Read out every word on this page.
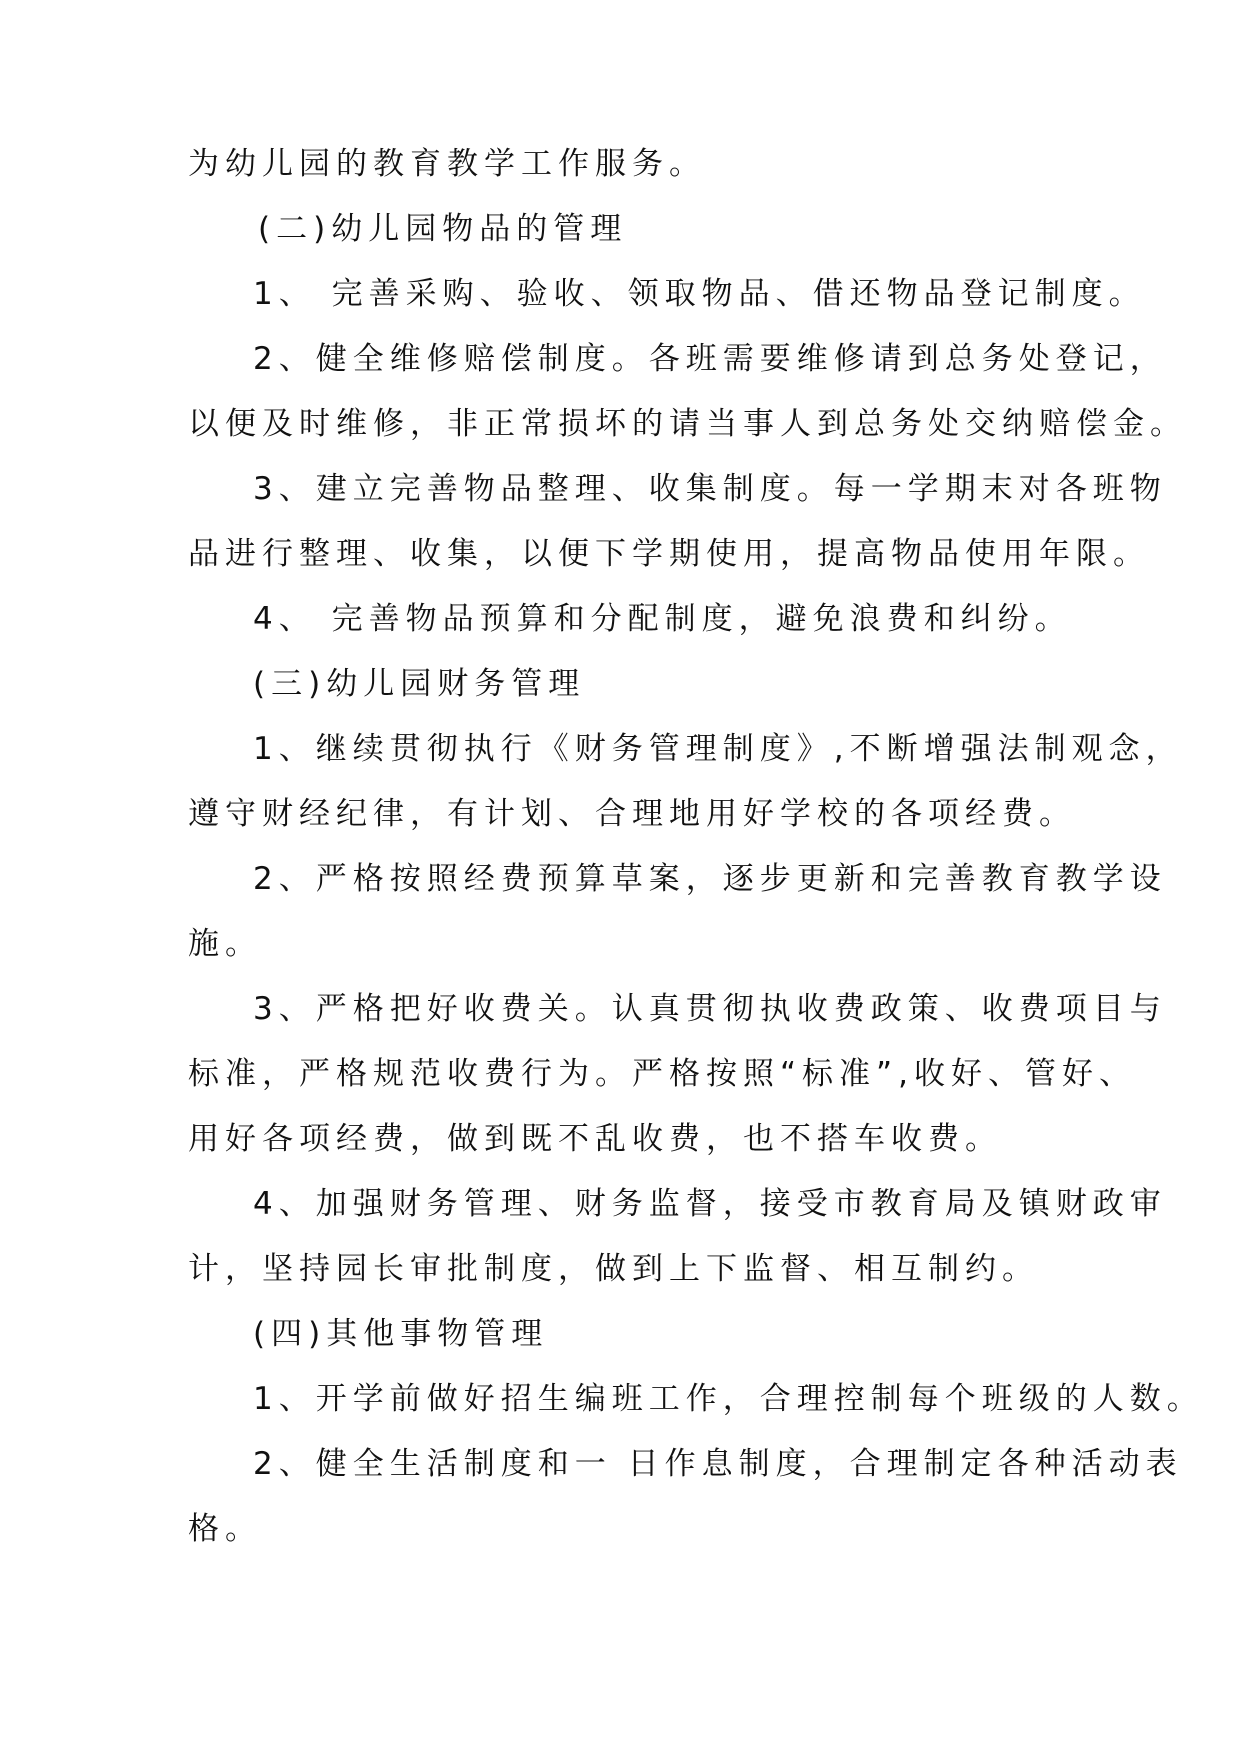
为幼儿园的教育教学工作服务。
(二)幼儿园物品的管理
1、 完善采购、验收、领取物品、借还物品登记制度。
2、健全维修赔偿制度。各班需要维修请到总务处登记，
以便及时维修，非正常损坏的请当事人到总务处交纳赔偿金。
3、建立完善物品整理、收集制度。每一学期末对各班物
品进行整理、收集，以便下学期使用，提高物品使用年限。
4、 完善物品预算和分配制度，避免浪费和纠纷。
(三)幼儿园财务管理
1、继续贯彻执行《财务管理制度》,不断增强法制观念，
遵守财经纪律，有计划、合理地用好学校的各项经费。
2、严格按照经费预算草案，逐步更新和完善教育教学设
施。
3、严格把好收费关。认真贯彻执收费政策、收费项目与
标准，严格规范收费行为。严格按照“标准”,收好、管好、
用好各项经费，做到既不乱收费，也不搭车收费。
4、加强财务管理、财务监督，接受市教育局及镇财政审
计，坚持园长审批制度，做到上下监督、相互制约。
(四)其他事物管理
1、开学前做好招生编班工作，合理控制每个班级的人数。
2、健全生活制度和一 日作息制度，合理制定各种活动表
格。
